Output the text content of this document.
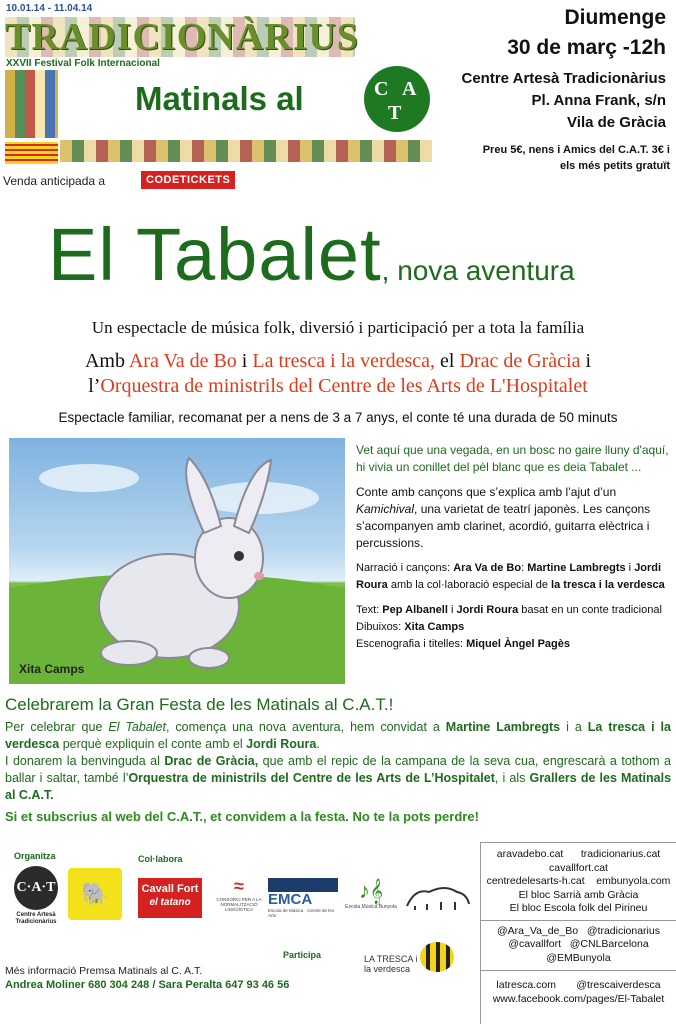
10.01.14 - 11.04.14
TRADICIONÀRIUS
XXVII Festival Folk Internacional
Matinals al	C A
T
Diumenge
30 de març -12h
Centre Artesà Tradicionàrius
Pl. Anna Frank, s/n
Vila de Gràcia
Preu 5€, nens i Amics del C.A.T. 3€ i
els més petits gratuït
Venda anticipada a	CODETICKETS
El Tabalet, nova aventura
Un espectacle de música folk, diversió i participació per a tota la família
Amb Ara Va de Bo i La tresca i la verdesca, el Drac de Gràcia i
l’Orquestra de ministrils del Centre de les Arts de L'Hospitalet
Espectacle familiar, recomanat per a nens de 3 a 7 anys, el conte té una durada de 50 minuts
Xita Camps

Vet aquí que una vegada, en un bosc no gaire lluny d'aquí, hi vivia un conillet del pèl blanc que es deia Tabalet ...

Conte amb cançons que s’explica amb l’ajut d’un Kamichival, una varietat de teatrí japonès. Les cançons s’acompanyen amb clarinet, acordió, guitarra elèctrica i percussions.

Narració i cançons: Ara Va de Bo: Martine Lambregts i Jordi Roura amb la col·laboració especial de la tresca i la verdesca

Text: Pep Albanell i Jordi Roura basat en un conte tradicional

Dibuixos: Xita Camps

Escenografia i titelles: Miquel Àngel Pagès

Celebrarem la Gran Festa de les Matinals al C.A.T.!

Per celebrar que El Tabalet, comença una nova aventura, hem convidat a Martine Lambregts i a La tresca i la verdesca perquè expliquin el conte amb el Jordi Roura.

I donarem la benvinguda al Drac de Gràcia, que amb el repic de la campana de la seva cua, engrescarà a tothom a ballar i saltar, també l’Orquestra de ministrils del Centre de les Arts de L’Hospitalet, i als Grallers de les Matinals al C.A.T.

Si et subscrius al web del C.A.T., et convidem a la festa. No te la pots perdre!
Organitza	Col·labora
Participa
C·A·T
Centre Artesà Tradicionàrius
🐘	Cavall Fort
el tatano
≈
CONSORCI PER A LA NORMALITZACIÓ LINGÜÍSTICA
EMCA
Escola de Música · Centre de les Arts
♪𝄞
Escola Música Bunyola
LA TRESCA i la verdesca
Més informació Premsa Matinals al C. A.T.
Andrea Moliner 680 304 248 / Sara Peralta 647 93 46 56
aravadebo.cat      tradicionarius.cat
cavallfort.cat
centredelesarts-h.cat    embunyola.com
El bloc Sarrià amb Gràcia
El bloc Escola folk del Pirineu
@Ara_Va_de_Bo   @tradicionarius
@cavallfort   @CNLBarcelona
@EMBunyola
latresca.com       @trescaiverdesca
www.facebook.com/pages/El-Tabalet
